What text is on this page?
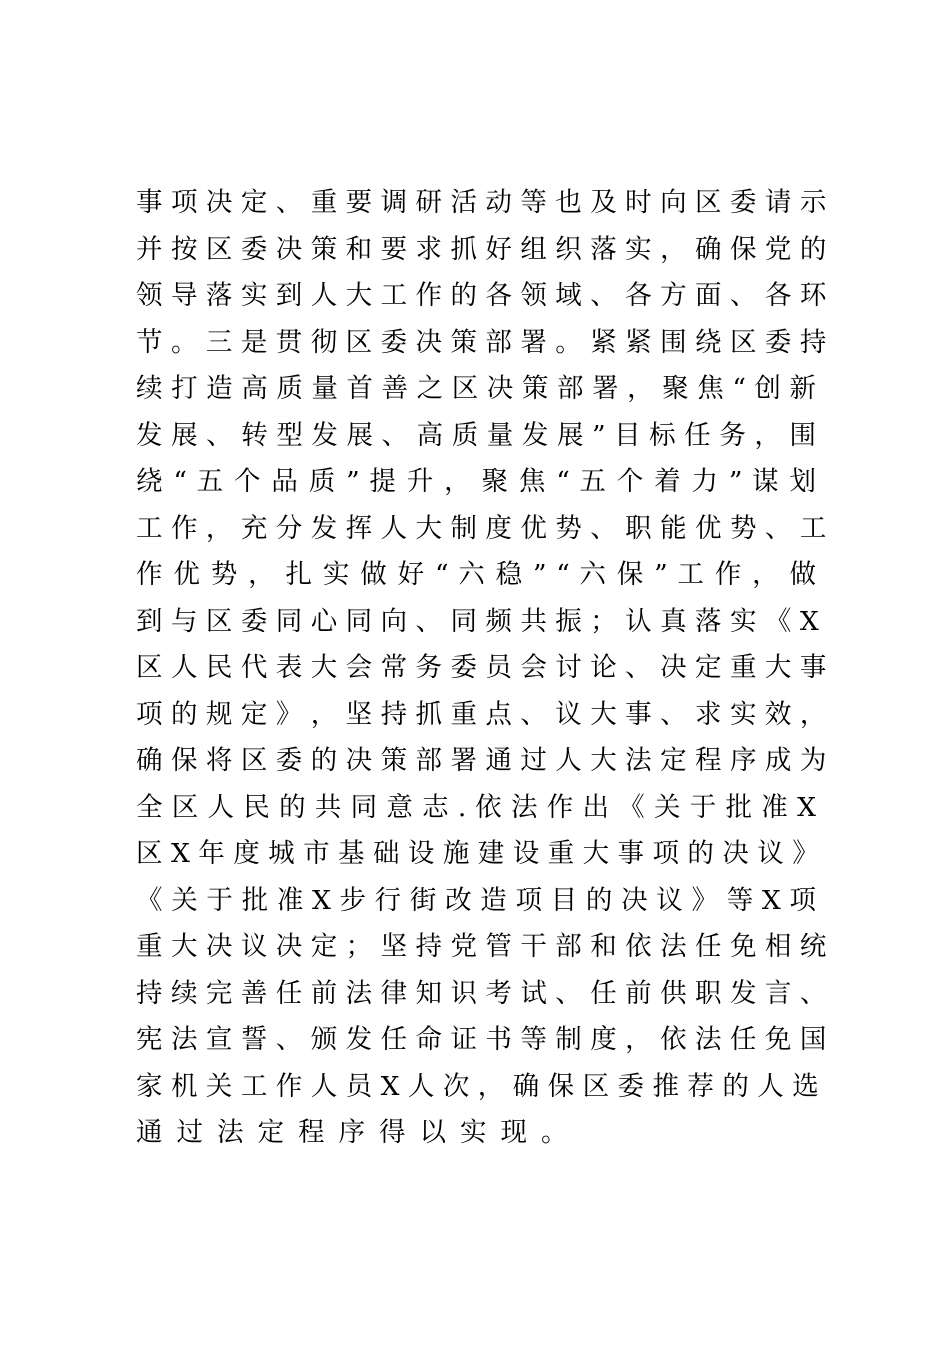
事 项 决 定 、 重 要 调 研 活 动 等 也 及 时 向 区 委 请 示
并 按 区 委 决 策 和 要 求 抓 好 组 织 落 实 ， 确 保 党 的
领 导 落 实 到 人 大 工 作 的 各 领 域 、 各 方 面 、 各 环
节 。 三 是 贯 彻 区 委 决 策 部 署 。 紧 紧 围 绕 区 委 持
续 打 造 高 质 量 首 善 之 区 决 策 部 署 ， 聚 焦 “ 创 新
发 展 、 转 型 发 展 、 高 质 量 发 展 ” 目 标 任 务 ， 围
绕 “ 五 个 品 质 ” 提 升 ， 聚 焦 “ 五 个 着 力 ” 谋 划
工 作 ， 充 分 发 挥 人 大 制 度 优 势 、 职 能 优 势 、 工
作 优 势 ， 扎 实 做 好 “ 六 稳 ” “ 六 保 ” 工 作 ， 做
到 与 区 委 同 心 同 向 、 同 频 共 振 ； 认 真 落 实 《 X
区 人 民 代 表 大 会 常 务 委 员 会 讨 论 、 决 定 重 大 事
项 的 规 定 》 ， 坚 持 抓 重 点 、 议 大 事 、 求 实 效 ，
确 保 将 区 委 的 决 策 部 署 通 过 人 大 法 定 程 序 成 为
全 区 人 民 的 共 同 意 志 . 依 法 作 出 《 关 于 批 准 X
区 X 年 度 城 市 基 础 设 施 建 设 重 大 事 项 的 决 议 》
《 关 于 批 准 X 步 行 街 改 造 项 目 的 决 议 》 等 X 项
重 大 决 议 决 定 ； 坚 持 党 管 干 部 和 依 法 任 免 相 统
持 续 完 善 任 前 法 律 知 识 考 试 、 任 前 供 职 发 言 、
宪 法 宣 誓 、 颁 发 任 命 证 书 等 制 度 ， 依 法 任 免 国
家 机 关 工 作 人 员 X 人 次 ， 确 保 区 委 推 荐 的 人 选
通过法定程序得以实现。
